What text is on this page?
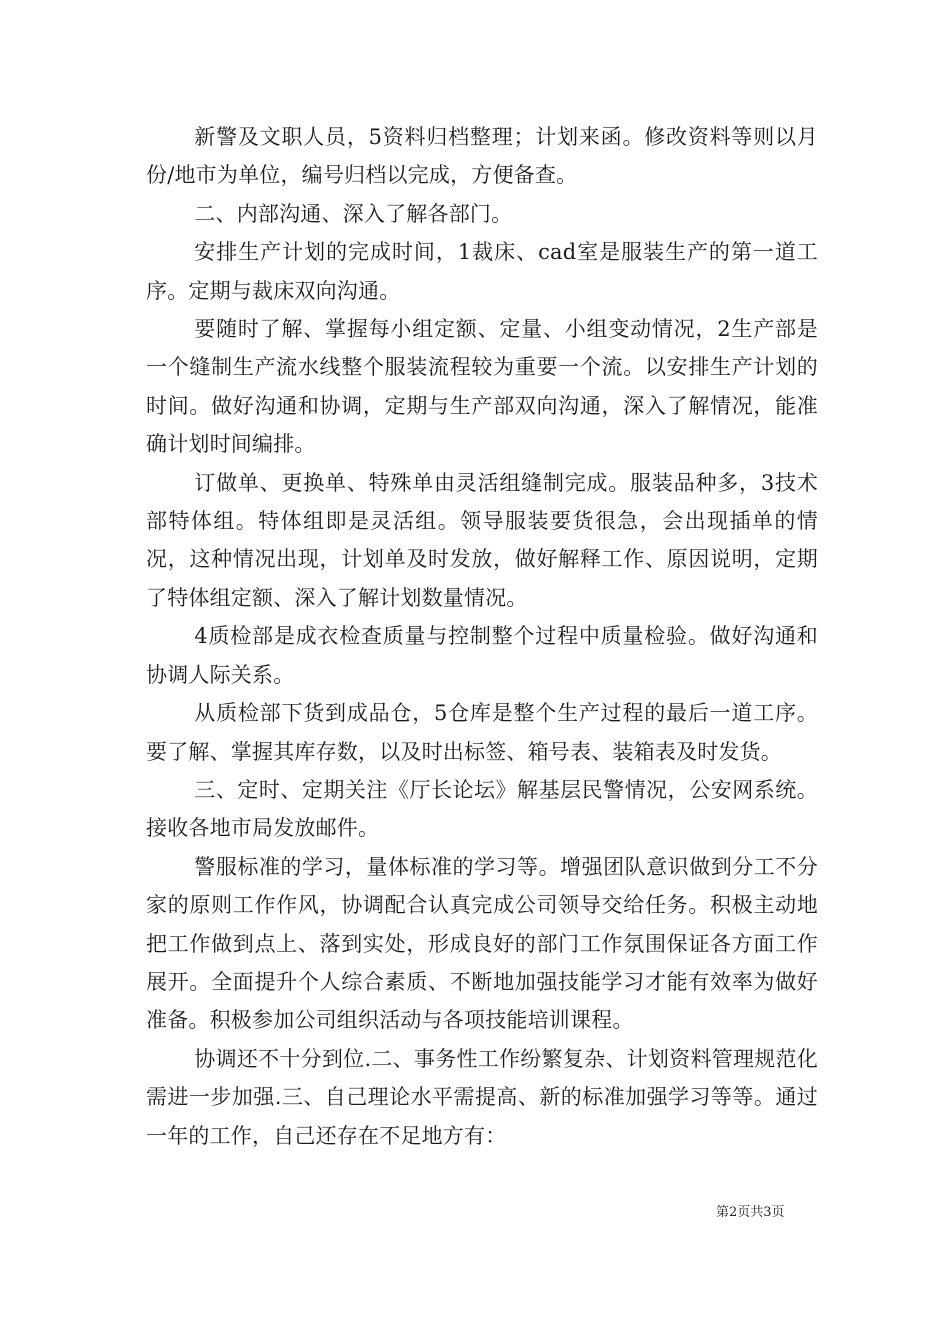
新警及文职人员，5资料归档整理；计划来函。修改资料等则以月份/地市为单位，编号归档以完成，方便备查。

二、内部沟通、深入了解各部门。

安排生产计划的完成时间，1裁床、cad室是服装生产的第一道工序。定期与裁床双向沟通。

要随时了解、掌握每小组定额、定量、小组变动情况，2生产部是一个缝制生产流水线整个服装流程较为重要一个流。以安排生产计划的时间。做好沟通和协调，定期与生产部双向沟通，深入了解情况，能准确计划时间编排。

订做单、更换单、特殊单由灵活组缝制完成。服装品种多，3技术部特体组。特体组即是灵活组。领导服装要货很急，会出现插单的情况，这种情况出现，计划单及时发放，做好解释工作、原因说明，定期了特体组定额、深入了解计划数量情况。

4质检部是成衣检查质量与控制整个过程中质量检验。做好沟通和协调人际关系。

从质检部下货到成品仓，5仓库是整个生产过程的最后一道工序。要了解、掌握其库存数，以及时出标签、箱号表、装箱表及时发货。

三、定时、定期关注《厅长论坛》解基层民警情况，公安网系统。接收各地市局发放邮件。

警服标准的学习，量体标准的学习等。增强团队意识做到分工不分家的原则工作作风，协调配合认真完成公司领导交给任务。积极主动地把工作做到点上、落到实处，形成良好的部门工作氛围保证各方面工作展开。全面提升个人综合素质、不断地加强技能学习才能有效率为做好准备。积极参加公司组织活动与各项技能培训课程。

协调还不十分到位.二、事务性工作纷繁复杂、计划资料管理规范化需进一步加强.三、自己理论水平需提高、新的标准加强学习等等。通过一年的工作，自己还存在不足地方有：

第2页共3页
